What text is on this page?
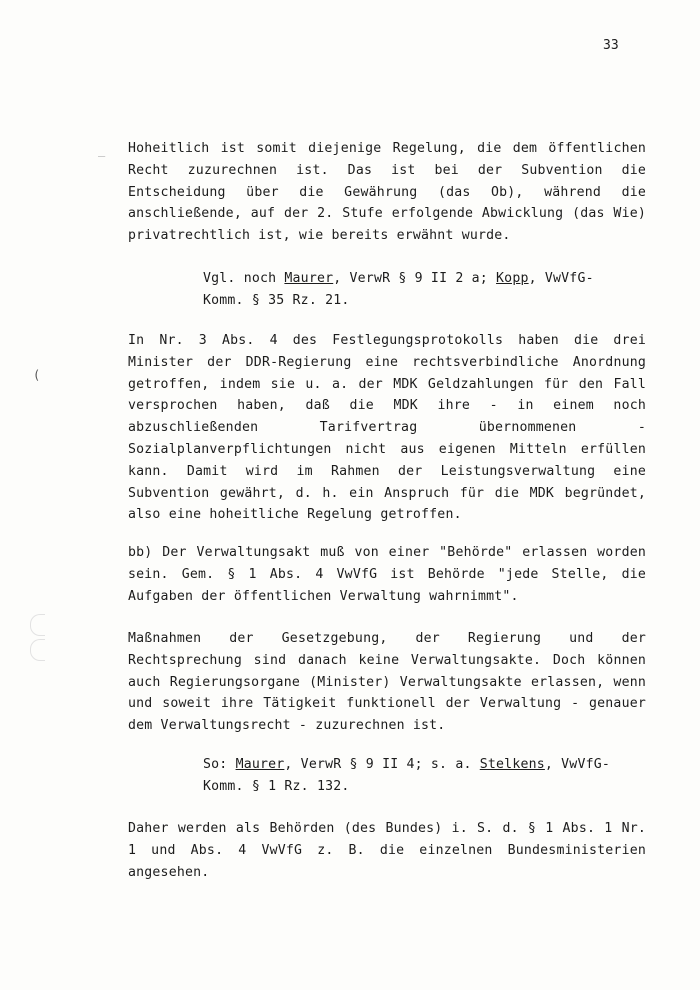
33
_
(

Hoheitlich ist somit diejenige Regelung, die dem öffentlichen Recht zuzurechnen ist. Das ist bei der Subvention die Entscheidung über die Gewährung (das Ob), während die anschließende, auf der 2. Stufe erfolgende Abwicklung (das Wie) privatrechtlich ist, wie bereits erwähnt wurde.

Vgl. noch Maurer, VerwR § 9 II 2 a; Kopp, VwVfG-
Komm. § 35 Rz. 21.

In Nr. 3 Abs. 4 des Festlegungsprotokolls haben die drei Minister der DDR-Regierung eine rechtsverbindliche Anordnung getroffen, indem sie u. a. der MDK Geldzahlungen für den Fall versprochen haben, daß die MDK ihre - in einem noch abzuschließenden Tarifvertrag übernommenen - Sozialplanverpflichtungen nicht aus eigenen Mitteln erfüllen kann. Damit wird im Rahmen der Leistungsverwaltung eine Subvention gewährt, d. h. ein Anspruch für die MDK begründet, also eine hoheitliche Regelung getroffen.

bb) Der Verwaltungsakt muß von einer "Behörde" erlassen worden sein. Gem. § 1 Abs. 4 VwVfG ist Behörde "jede Stelle, die Aufgaben der öffentlichen Verwaltung wahrnimmt".

Maßnahmen der Gesetzgebung, der Regierung und der Rechtsprechung sind danach keine Verwaltungsakte. Doch können auch Regierungsorgane (Minister) Verwaltungsakte erlassen, wenn und soweit ihre Tätigkeit funktionell der Verwaltung - genauer dem Verwaltungsrecht - zuzurechnen ist.

So: Maurer, VerwR § 9 II 4; s. a. Stelkens, VwVfG-
Komm. § 1 Rz. 132.

Daher werden als Behörden (des Bundes) i. S. d. § 1 Abs. 1 Nr. 1 und Abs. 4 VwVfG z. B. die einzelnen Bundesministerien angesehen.
